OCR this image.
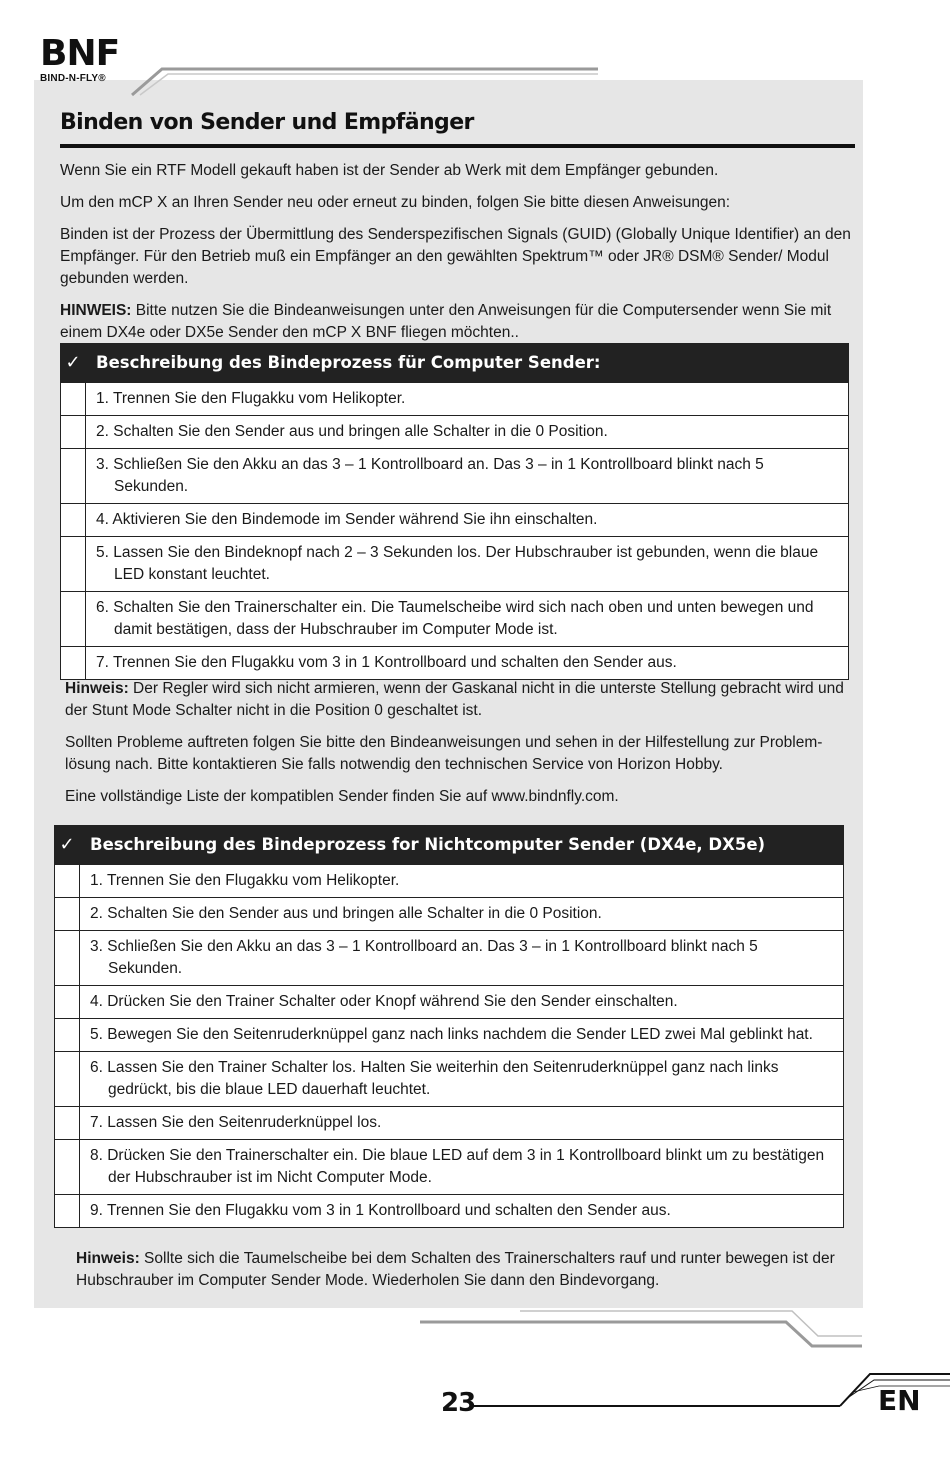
BNF
BIND-N-FLY®
Binden von Sender und Empfänger

Wenn Sie ein RTF Modell gekauft haben ist der Sender ab Werk mit dem Empfänger gebunden.

Um den mCP X an Ihren Sender neu oder erneut zu binden, folgen Sie bitte diesen Anweisungen:

Binden ist der Prozess der Übermittlung des Senderspezifischen Signals (GUID) (Globally Unique Identifier) an den Empfänger. Für den Betrieb muß ein Empfänger an den gewählten Spektrum™ oder JR® DSM® Sender/ Modul gebunden werden.

HINWEIS: Bitte nutzen Sie die Bindeanweisungen unter den Anweisungen für die Computersender wenn Sie mit einem DX4e oder DX5e Sender den mCP X BNF fliegen möchten..

✓	Beschreibung des Bindeprozess für Computer Sender:

	1. Trennen Sie den Flugakku vom Helikopter.

	2. Schalten Sie den Sender aus und bringen alle Schalter in die 0 Position.

	3. Schließen Sie den Akku an das 3 – 1 Kontrollboard an. Das 3 – in 1 Kontrollboard blinkt nach 5 Sekunden.

	4. Aktivieren Sie den Bindemode im Sender während Sie ihn einschalten.

	5. Lassen Sie den Bindeknopf nach 2 – 3 Sekunden los. Der Hubschrauber ist gebunden, wenn die blaue LED konstant leuchtet.

	6. Schalten Sie den Trainerschalter ein. Die Taumelscheibe wird sich nach oben und unten bewegen und damit bestätigen, dass der Hubschrauber im Computer Mode ist.

	7. Trennen Sie den Flugakku vom 3 in 1 Kontrollboard und schalten den Sender aus.

Hinweis: Der Regler wird sich nicht armieren, wenn der Gaskanal nicht in die unterste Stellung gebracht wird und der Stunt Mode Schalter nicht in die Position 0 geschaltet ist.

Sollten Probleme auftreten folgen Sie bitte den Bindeanweisungen und sehen in der Hilfestellung zur Problem-lösung nach. Bitte kontaktieren Sie falls notwendig den technischen Service von Horizon Hobby.

Eine vollständige Liste der kompatiblen Sender finden Sie auf www.bindnfly.com.

✓	Beschreibung des Bindeprozess for Nichtcomputer Sender (DX4e, DX5e)

	1. Trennen Sie den Flugakku vom Helikopter.

	2. Schalten Sie den Sender aus und bringen alle Schalter in die 0 Position.

	3. Schließen Sie den Akku an das 3 – 1 Kontrollboard an. Das 3 – in 1 Kontrollboard blinkt nach 5 Sekunden.

	4. Drücken Sie den Trainer Schalter oder Knopf während Sie den Sender einschalten.

	5. Bewegen Sie den Seitenruderknüppel ganz nach links nachdem die Sender LED zwei Mal geblinkt hat.

	6. Lassen Sie den Trainer Schalter los. Halten Sie weiterhin den Seitenruderknüppel ganz nach links gedrückt, bis die blaue LED dauerhaft leuchtet.

	7. Lassen Sie den Seitenruderknüppel los.

	8. Drücken Sie den Trainerschalter ein. Die blaue LED auf dem 3 in 1 Kontrollboard blinkt um zu bestätigen der Hubschrauber ist im Nicht Computer Mode.

	9. Trennen Sie den Flugakku vom 3 in 1 Kontrollboard und schalten den Sender aus.

Hinweis: Sollte sich die Taumelscheibe bei dem Schalten des Trainerschalters rauf und runter bewegen ist der Hubschrauber im Computer Sender Mode. Wiederholen Sie dann den Bindevorgang.

23	EN
